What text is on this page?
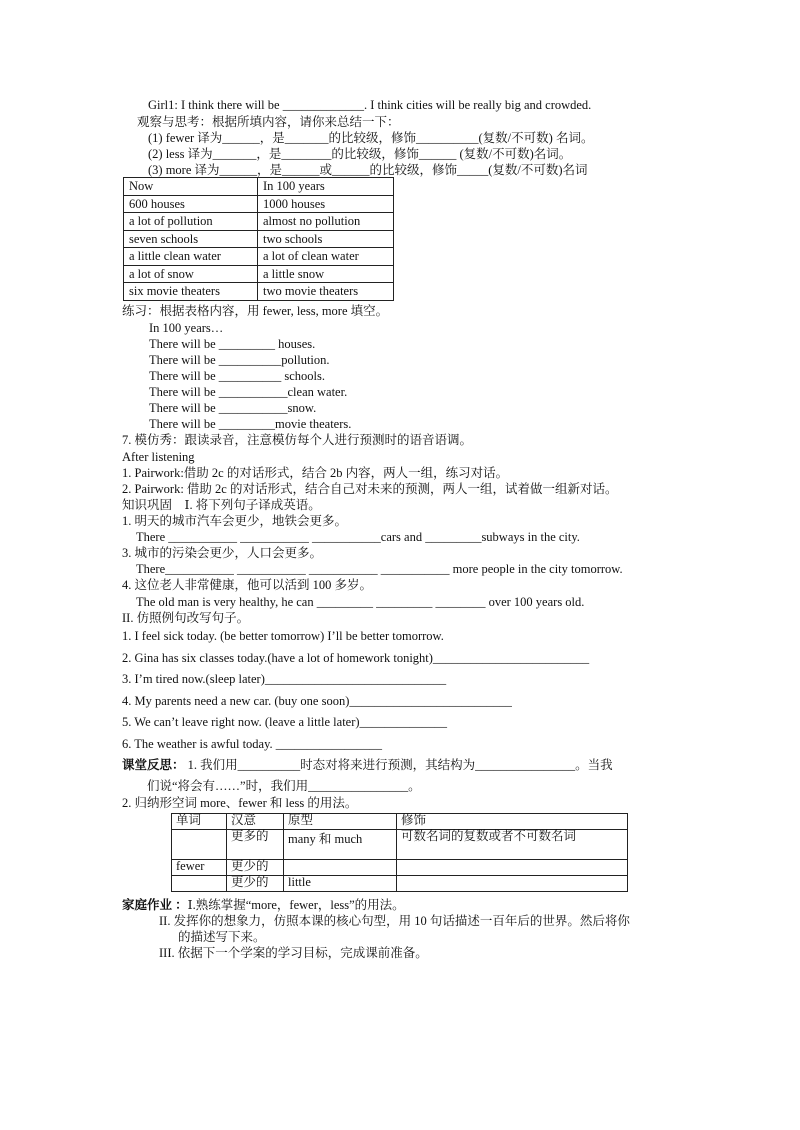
Girl1: I think there will be _____________. I think cities will be really big and crowded.
观察与思考：根据所填内容，请你来总结一下：
(1) fewer 译为______，是_______的比较级，修饰__________(复数/不可数) 名词。
(2) less 译为_______，是________的比较级，修饰______ (复数/不可数)名词。
(3) more 译为______，是______或______的比较级，修饰_____(复数/不可数)名词
Now	In 100 years
600 houses	1000 houses
a lot of pollution	almost no pollution
seven schools	two schools
a little clean water	a lot of clean water
a lot of snow	a little snow
six movie theaters	two movie theaters
练习：根据表格内容，用 fewer, less, more 填空。
In 100 years…
There will be _________ houses.
There will be __________pollution.
There will be __________ schools.
There will be ___________clean water.
There will be ___________snow.
There will be _________movie theaters.
7. 模仿秀：跟读录音，注意模仿每个人进行预测时的语音语调。
After listening
1. Pairwork:借助 2c 的对话形式，结合 2b 内容，两人一组，练习对话。
2. Pairwork: 借助 2c 的对话形式，结合自己对未来的预测，两人一组，试着做一组新对话。
知识巩固　Ⅰ. 将下列句子译成英语。
1. 明天的城市汽车会更少，地铁会更多。
There ___________ ___________ ___________cars and _________subways in the city.
3. 城市的污染会更少，人口会更多。
There___________ ___________ ___________ ___________ more people in the city tomorrow.
4. 这位老人非常健康，他可以活到 100 多岁。
The old man is very healthy, he can _________ _________ ________ over 100 years old.
II. 仿照例句改写句子。
1. I feel sick today. (be better tomorrow) I’ll be better tomorrow.
2. Gina has six classes today.(have a lot of homework tonight)_________________________
3. I’m tired now.(sleep later)_____________________________
4. My parents need a new car. (buy one soon)__________________________
5. We can’t leave right now. (leave a little later)______________
6. The weather is awful today. _________________
课堂反思： 1. 我们用__________时态对将来进行预测，其结构为________________。当我
们说“将会有……”时，我们用________________。
2. 归纳形空词 more、fewer 和 less 的用法。
单词	汉意	原型	修饰
	更多的	many 和 much	可数名词的复数或者不可数名词
fewer	更少的		
	更少的	little	
家庭作业 ：Ⅰ.熟练掌握“more，fewer，less”的用法。
II. 发挥你的想象力，仿照本课的核心句型，用 10 句话描述一百年后的世界。然后将你
的描述写下来。
III. 依据下一个学案的学习目标，完成课前准备。
